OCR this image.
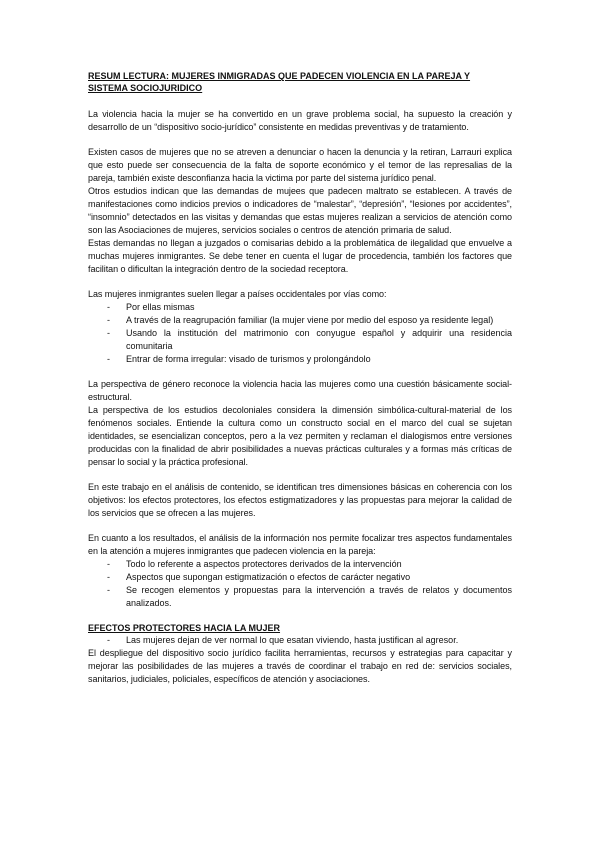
RESUM LECTURA: MUJERES INMIGRADAS QUE PADECEN VIOLENCIA EN LA PAREJA Y SISTEMA SOCIOJURIDICO

La violencia hacia la mujer se ha convertido en un grave problema social, ha supuesto la creación y desarrollo de un “dispositivo socio-jurídico” consistente en medidas preventivas y de tratamiento.

Existen casos de mujeres que no se atreven a denunciar o hacen la denuncia y la retiran, Larrauri explica que esto puede ser consecuencia de la falta de soporte económico y el temor de las represalias de la pareja, también existe desconfianza hacia la victima por parte del sistema jurídico penal.

Otros estudios indican que las demandas de mujees que padecen maltrato se establecen. A través de manifestaciones como indicios previos o indicadores de “malestar”, “depresión”, “lesiones por accidentes”, “insomnio” detectados en las visitas y demandas que estas mujeres realizan a servicios de atención como son las Asociaciones de mujeres, servicios sociales o centros de atención primaria de salud.

Estas demandas no llegan a juzgados o comisarias debido a la problemática de ilegalidad que envuelve a muchas mujeres inmigrantes. Se debe tener en cuenta el lugar de procedencia, también los factores que facilitan o dificultan la integración dentro de la sociedad receptora.

Las mujeres inmigrantes suelen llegar a países occidentales por vías como:

- Por ellas mismas
- A través de la reagrupación familiar (la mujer viene por medio del esposo ya residente legal)
- Usando la institución del matrimonio con conyugue español y adquirir una residencia comunitaria
- Entrar de forma irregular: visado de turismos y prolongándolo

La perspectiva de género reconoce la violencia hacia las mujeres como una cuestión básicamente social-estructural.

La perspectiva de los estudios decoloniales considera la dimensión simbólica-cultural-material de los fenómenos sociales. Entiende la cultura como un constructo social en el marco del cual se sujetan identidades, se esencializan conceptos, pero a la vez permiten y reclaman el dialogismos entre versiones producidas con la finalidad de abrir posibilidades a nuevas prácticas culturales y a formas más críticas de pensar lo social y la práctica profesional.

En este trabajo en el análisis de contenido, se identifican tres dimensiones básicas en coherencia con los objetivos: los efectos protectores, los efectos estigmatizadores y las propuestas para mejorar la calidad de los servicios que se ofrecen a las mujeres.

En cuanto a los resultados, el análisis de la información nos permite focalizar tres aspectos fundamentales en la atención a mujeres inmigrantes que padecen violencia en la pareja:

- Todo lo referente a aspectos protectores derivados de la intervención
- Aspectos que supongan estigmatización o efectos de carácter negativo
- Se recogen elementos y propuestas para la intervención a través de relatos y documentos analizados.
EFECTOS PROTECTORES HACIA LA MUJER
- Las mujeres dejan de ver normal lo que esatan viviendo, hasta justifican al agresor.

El despliegue del dispositivo socio jurídico facilita herramientas, recursos y estrategias para capacitar y mejorar las posibilidades de las mujeres a través de coordinar el trabajo en red de: servicios sociales, sanitarios, judiciales, policiales, específicos de atención y asociaciones.
